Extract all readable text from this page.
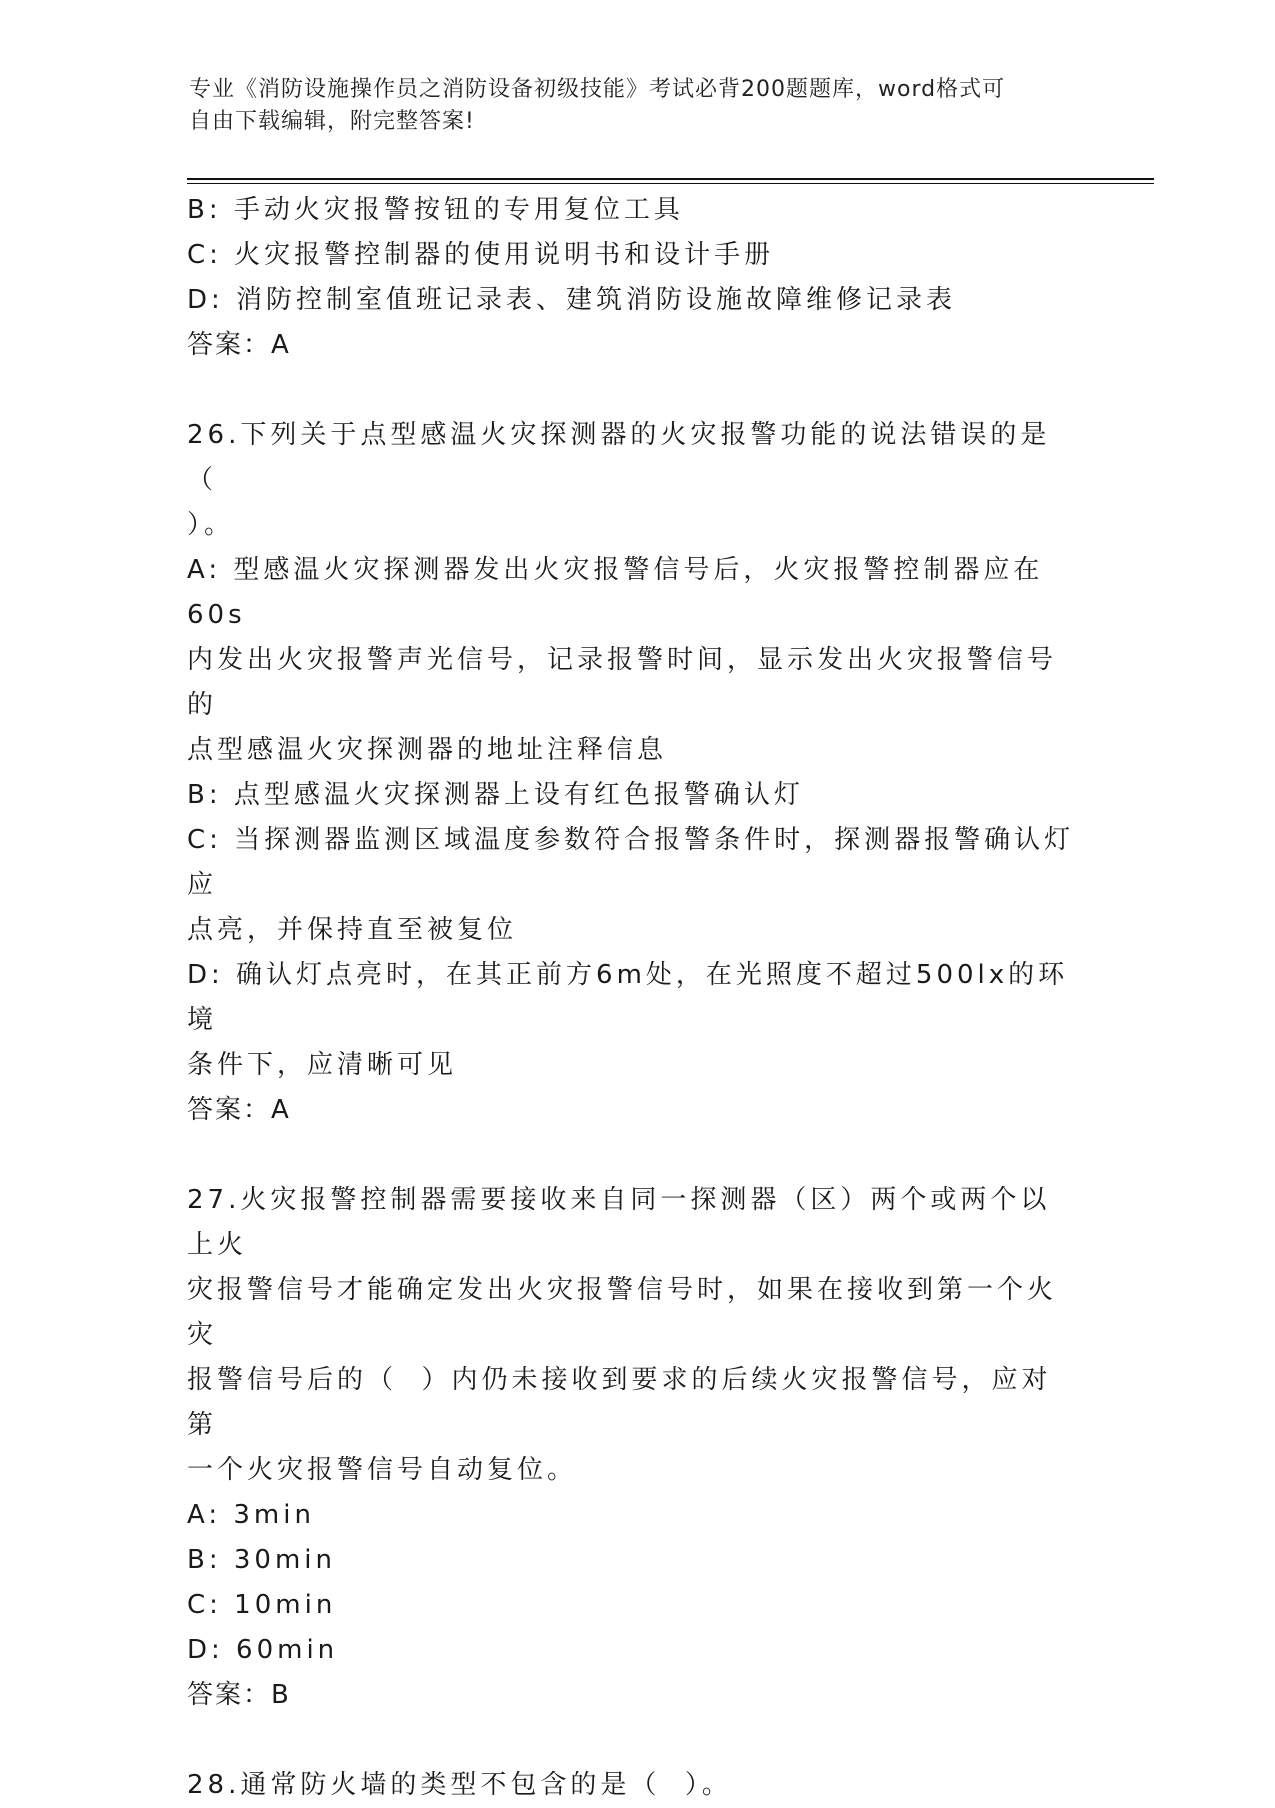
专业《消防设施操作员之消防设备初级技能》考试必背200题题库，word格式可

自由下载编辑，附完整答案!

B: 手动火灾报警按钮的专用复位工具

C: 火灾报警控制器的使用说明书和设计手册

D: 消防控制室值班记录表、建筑消防设施故障维修记录表

答案：A

26.下列关于点型感温火灾探测器的火灾报警功能的说法错误的是（

）。

A: 型感温火灾探测器发出火灾报警信号后，火灾报警控制器应在60s

内发出火灾报警声光信号，记录报警时间，显示发出火灾报警信号的

点型感温火灾探测器的地址注释信息

B: 点型感温火灾探测器上设有红色报警确认灯

C: 当探测器监测区域温度参数符合报警条件时，探测器报警确认灯应

点亮，并保持直至被复位

D: 确认灯点亮时，在其正前方6m处，在光照度不超过500lx的环境

条件下，应清晰可见

答案：A

27.火灾报警控制器需要接收来自同一探测器（区）两个或两个以上火

灾报警信号才能确定发出火灾报警信号时，如果在接收到第一个火灾

报警信号后的（  ）内仍未接收到要求的后续火灾报警信号，应对第

一个火灾报警信号自动复位。

A: 3min

B: 30min

C: 10min

D: 60min

答案：B

28.通常防火墙的类型不包含的是（  ）。
